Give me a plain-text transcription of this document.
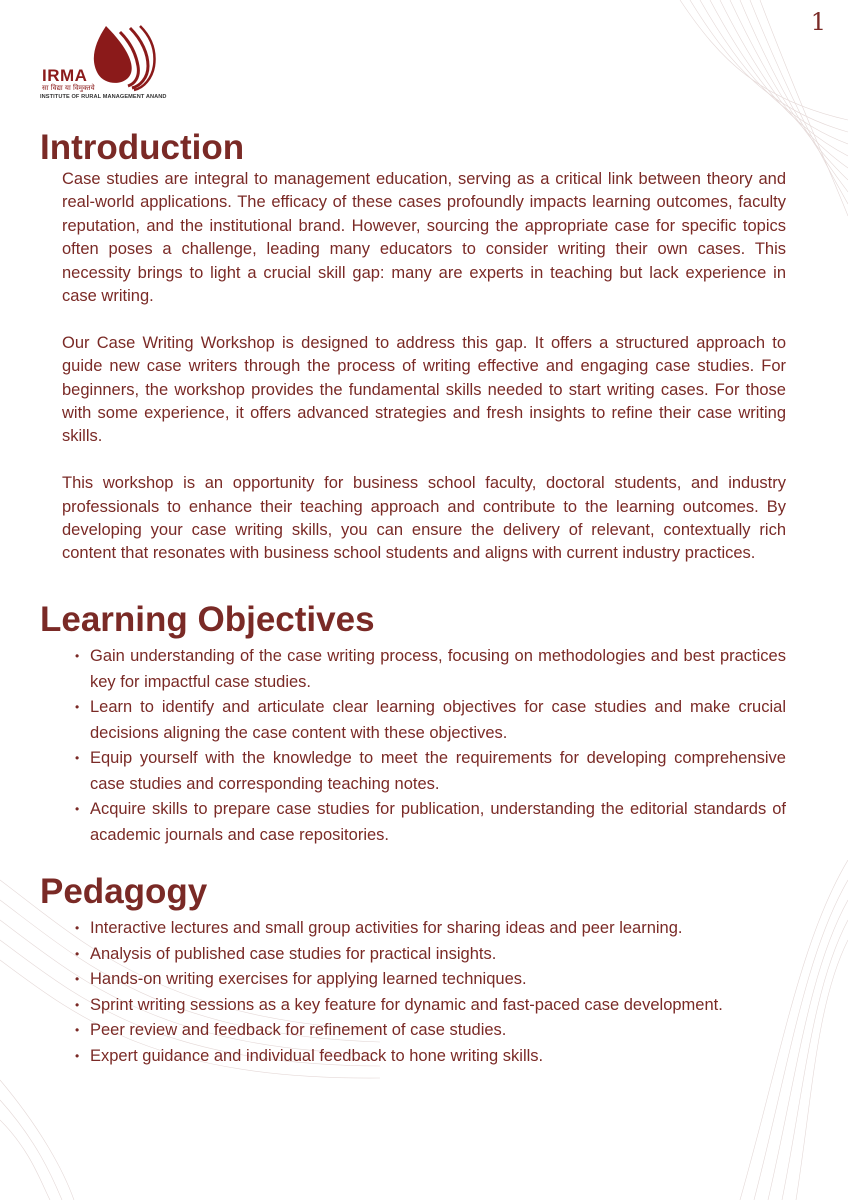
1
IRMA
सा विद्या या विमुक्तये
INSTITUTE OF RURAL MANAGEMENT ANAND
Introduction

Case studies are integral to management education, serving as a critical link between theory and real-world applications. The efficacy of these cases profoundly impacts learning outcomes, faculty reputation, and the institutional brand. However, sourcing the appropriate case for specific topics often poses a challenge, leading many educators to consider writing their own cases. This necessity brings to light a crucial skill gap: many are experts in teaching but lack experience in case writing.

Our Case Writing Workshop is designed to address this gap. It offers a structured approach to guide new case writers through the process of writing effective and engaging case studies. For beginners, the workshop provides the fundamental skills needed to start writing cases. For those with some experience, it offers advanced strategies and fresh insights to refine their case writing skills.

This workshop is an opportunity for business school faculty, doctoral students, and industry professionals to enhance their teaching approach and contribute to the learning outcomes. By developing your case writing skills, you can ensure the delivery of relevant, contextually rich content that resonates with business school students and aligns with current industry practices.

Learning Objectives
• Gain understanding of the case writing process, focusing on methodologies and best practices key for impactful case studies.
• Learn to identify and articulate clear learning objectives for case studies and make crucial decisions aligning the case content with these objectives.
• Equip yourself with the knowledge to meet the requirements for developing comprehensive case studies and corresponding teaching notes.
• Acquire skills to prepare case studies for publication, understanding the editorial standards of academic journals and case repositories.
Pedagogy
• Interactive lectures and small group activities for sharing ideas and peer learning.
• Analysis of published case studies for practical insights.
• Hands-on writing exercises for applying learned techniques.
• Sprint writing sessions as a key feature for dynamic and fast-paced case development.
• Peer review and feedback for refinement of case studies.
• Expert guidance and individual feedback to hone writing skills.
